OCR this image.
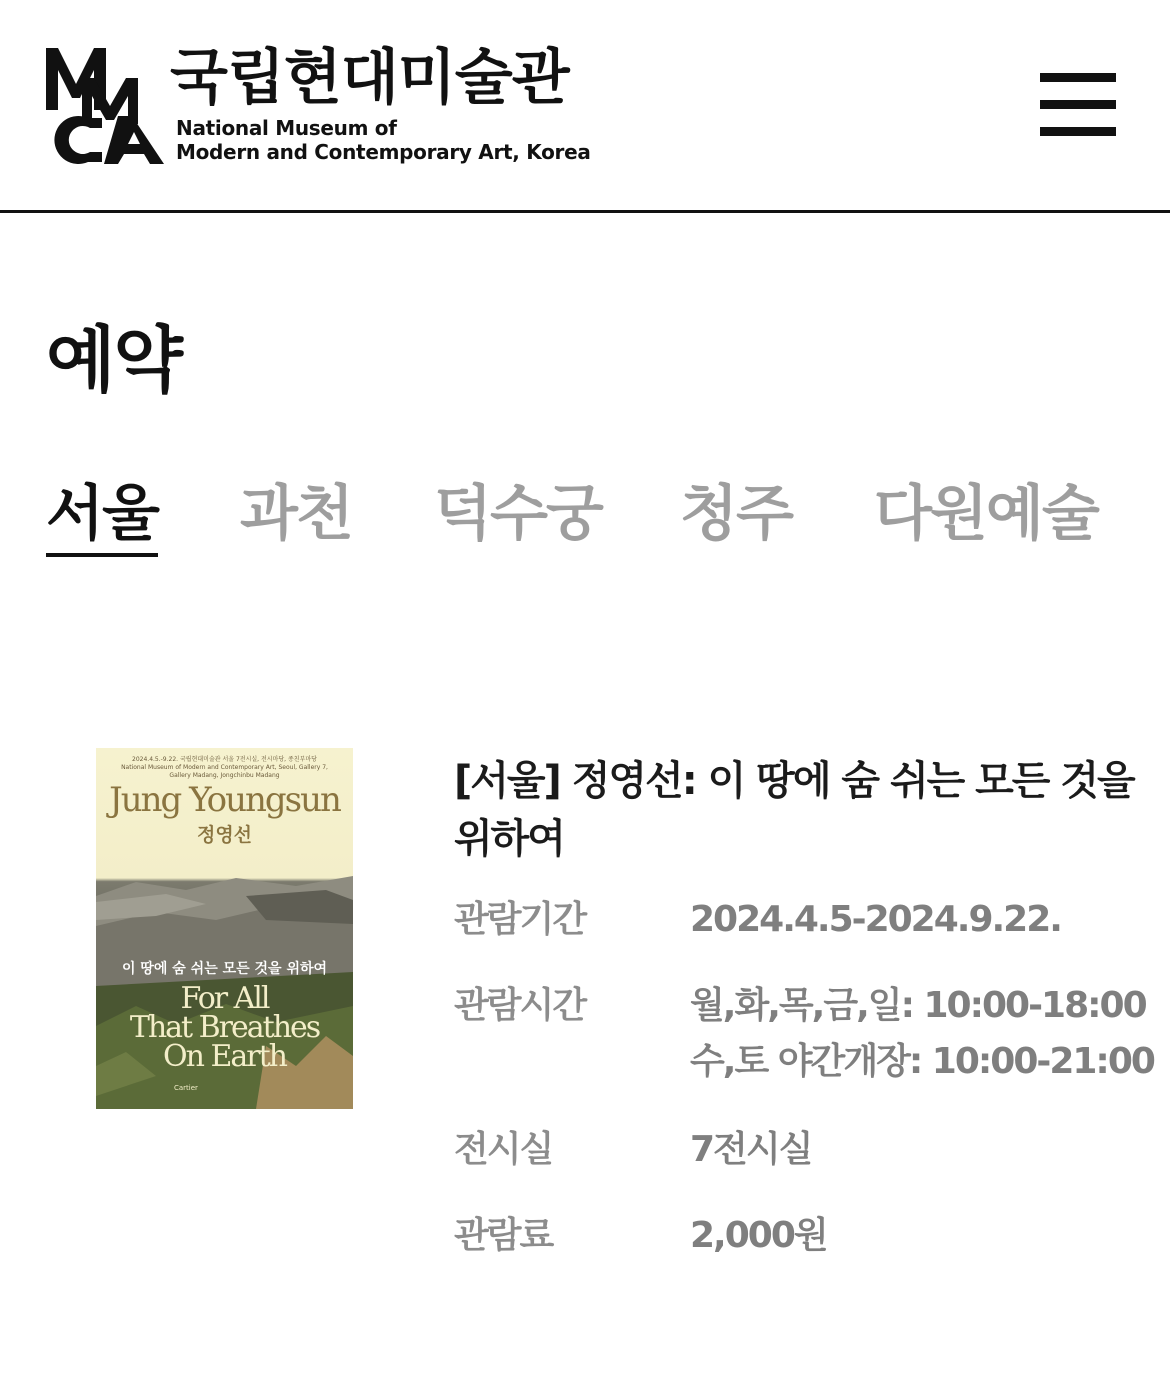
국립현대미술관
National Museum of
Modern and Contemporary Art, Korea
예약
서울 과천 덕수궁 청주 다원예술
2024.4.5.-9.22. 국립현대미술관 서울 7전시실, 전시마당, 종친부마당
National Museum of Modern and Contemporary Art, Seoul, Gallery 7,
Gallery Madang, Jongchinbu Madang
Jung Youngsun
정영선
이 땅에 숨 쉬는 모든 것을 위하여
For All
That Breathes
On Earth
Cartier
[서울] 정영선: 이 땅에 숨 쉬는 모든 것을 위하여
관람기간	2024.4.5-2024.9.22.
관람시간	월,화,목,금,일: 10:00-18:00
수,토 야간개장: 10:00-21:00
전시실	7전시실
관람료	2,000원
